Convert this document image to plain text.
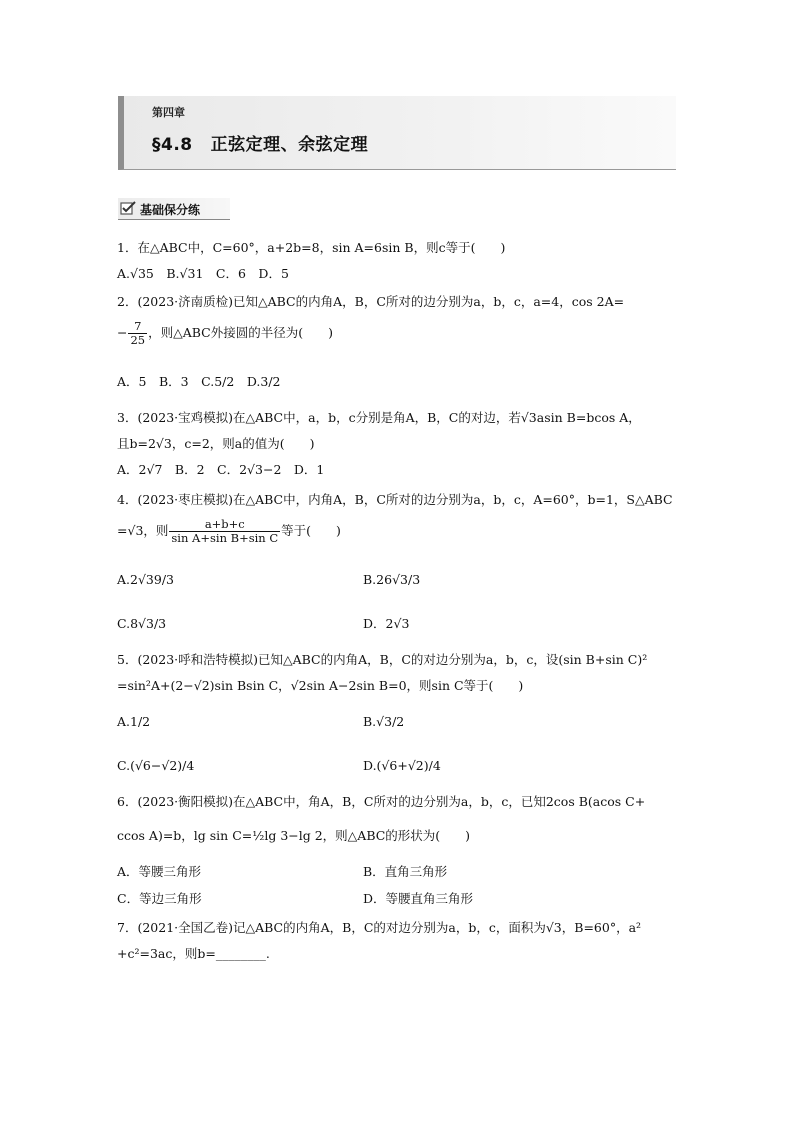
第四章
§4.8 正弦定理、余弦定理
基础保分练
1．在△ABC中，C=60°，a+2b=8，sin A=6sin B，则c等于(　　)
A.√35　B.√31　C．6　D．5
2．(2023·济南质检)已知△ABC的内角A，B，C所对的边分别为a，b，c，a=4，cos 2A=
− $\frac{7}{25}$ ，则△ABC外接圆的半径为(　　)
A．5　B．3　C.5/2　D.3/2
3．(2023·宝鸡模拟)在△ABC中，a，b，c分别是角A，B，C的对边，若√3asin B=bcos A，
且b=2√3，c=2，则a的值为(　　)
A．2√7　B．2　C．2√3−2　D．1
4．(2023·枣庄模拟)在△ABC中，内角A，B，C所对的边分别为a，b，c，A=60°，b=1，S△ABC
=√3，则 $\frac{a+b+c}{\text{sin A+sin B+sin C}}$ 等于(　　)
A.2√39/3	B.26√3/3
C.8√3/3	D．2√3
5．(2023·呼和浩特模拟)已知△ABC的内角A，B，C的对边分别为a，b，c，设(sin B+sin C)²
=sin²A+(2−√2)sin Bsin C，√2sin A−2sin B=0，则sin C等于(　　)
A.1/2	B.√3/2
C.(√6−√2)/4	D.(√6+√2)/4
6．(2023·衡阳模拟)在△ABC中，角A，B，C所对的边分别为a，b，c，已知2cos B(acos C+
ccos A)=b，lg sin C=½lg 3−lg 2，则△ABC的形状为(　　)
A．等腰三角形	B．直角三角形
C．等边三角形	D．等腰直角三角形
7．(2021·全国乙卷)记△ABC的内角A，B，C的对边分别为a，b，c，面积为√3，B=60°，a²
+c²=3ac，则b=________.
